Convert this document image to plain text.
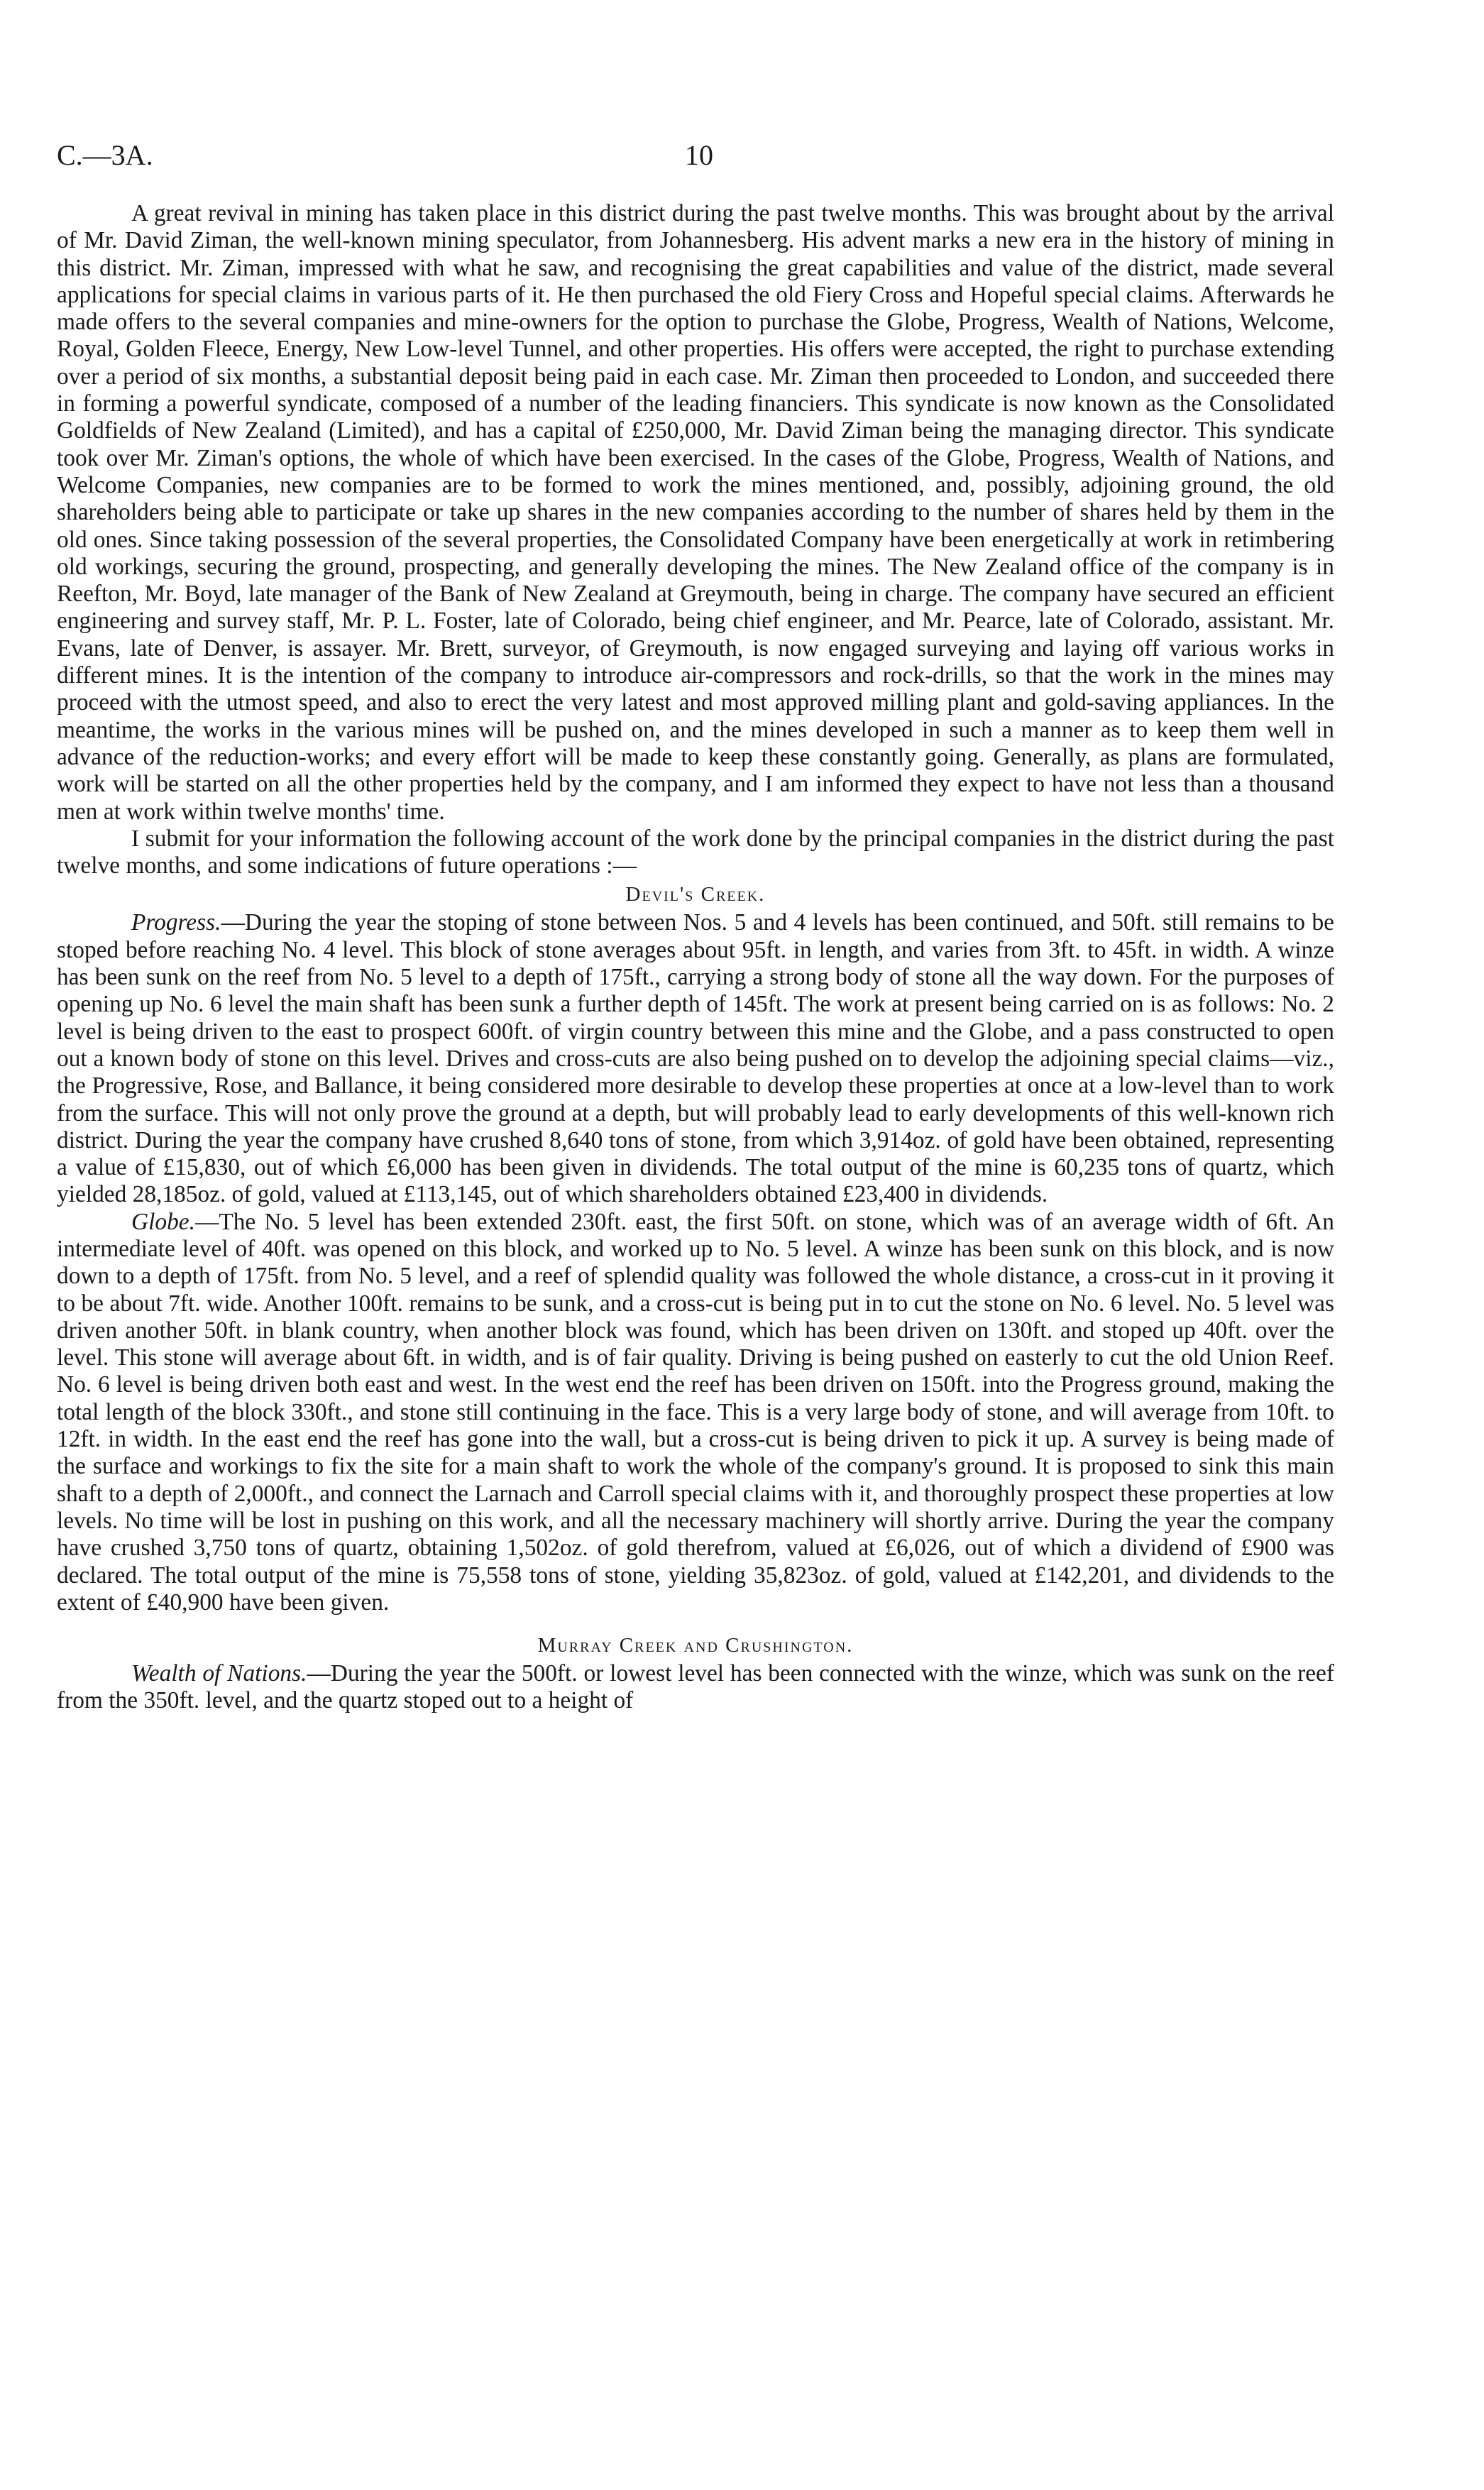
C.—3A.	10

A great revival in mining has taken place in this district during the past twelve months. This was brought about by the arrival of Mr. David Ziman, the well-known mining speculator, from Johannesberg. His advent marks a new era in the history of mining in this district. Mr. Ziman, impressed with what he saw, and recognising the great capabilities and value of the district, made several applications for special claims in various parts of it. He then purchased the old Fiery Cross and Hopeful special claims. Afterwards he made offers to the several companies and mine-owners for the option to purchase the Globe, Progress, Wealth of Nations, Welcome, Royal, Golden Fleece, Energy, New Low-level Tunnel, and other properties. His offers were accepted, the right to purchase extending over a period of six months, a substantial deposit being paid in each case. Mr. Ziman then proceeded to London, and succeeded there in forming a powerful syndicate, composed of a number of the leading financiers. This syndicate is now known as the Consolidated Goldfields of New Zealand (Limited), and has a capital of £250,000, Mr. David Ziman being the managing director. This syndicate took over Mr. Ziman's options, the whole of which have been exercised. In the cases of the Globe, Progress, Wealth of Nations, and Welcome Companies, new companies are to be formed to work the mines mentioned, and, possibly, adjoining ground, the old shareholders being able to participate or take up shares in the new companies according to the number of shares held by them in the old ones. Since taking possession of the several properties, the Consolidated Company have been energetically at work in retimbering old workings, securing the ground, prospecting, and generally developing the mines. The New Zealand office of the company is in Reefton, Mr. Boyd, late manager of the Bank of New Zealand at Greymouth, being in charge. The company have secured an efficient engineering and survey staff, Mr. P. L. Foster, late of Colorado, being chief engineer, and Mr. Pearce, late of Colorado, assistant. Mr. Evans, late of Denver, is assayer. Mr. Brett, surveyor, of Greymouth, is now engaged surveying and laying off various works in different mines. It is the intention of the company to introduce air-compressors and rock-drills, so that the work in the mines may proceed with the utmost speed, and also to erect the very latest and most approved milling plant and gold-saving appliances. In the meantime, the works in the various mines will be pushed on, and the mines developed in such a manner as to keep them well in advance of the reduction-works; and every effort will be made to keep these constantly going. Generally, as plans are formulated, work will be started on all the other properties held by the company, and I am informed they expect to have not less than a thousand men at work within twelve months' time.

I submit for your information the following account of the work done by the principal companies in the district during the past twelve months, and some indications of future operations :—

Devil's Creek.

Progress.—During the year the stoping of stone between Nos. 5 and 4 levels has been continued, and 50ft. still remains to be stoped before reaching No. 4 level. This block of stone averages about 95ft. in length, and varies from 3ft. to 45ft. in width. A winze has been sunk on the reef from No. 5 level to a depth of 175ft., carrying a strong body of stone all the way down. For the purposes of opening up No. 6 level the main shaft has been sunk a further depth of 145ft. The work at present being carried on is as follows: No. 2 level is being driven to the east to prospect 600ft. of virgin country between this mine and the Globe, and a pass constructed to open out a known body of stone on this level. Drives and cross-cuts are also being pushed on to develop the adjoining special claims—viz., the Progressive, Rose, and Ballance, it being considered more desirable to develop these properties at once at a low-level than to work from the surface. This will not only prove the ground at a depth, but will probably lead to early developments of this well-known rich district. During the year the company have crushed 8,640 tons of stone, from which 3,914oz. of gold have been obtained, representing a value of £15,830, out of which £6,000 has been given in dividends. The total output of the mine is 60,235 tons of quartz, which yielded 28,185oz. of gold, valued at £113,145, out of which shareholders obtained £23,400 in dividends.

Globe.—The No. 5 level has been extended 230ft. east, the first 50ft. on stone, which was of an average width of 6ft. An intermediate level of 40ft. was opened on this block, and worked up to No. 5 level. A winze has been sunk on this block, and is now down to a depth of 175ft. from No. 5 level, and a reef of splendid quality was followed the whole distance, a cross-cut in it proving it to be about 7ft. wide. Another 100ft. remains to be sunk, and a cross-cut is being put in to cut the stone on No. 6 level. No. 5 level was driven another 50ft. in blank country, when another block was found, which has been driven on 130ft. and stoped up 40ft. over the level. This stone will average about 6ft. in width, and is of fair quality. Driving is being pushed on easterly to cut the old Union Reef. No. 6 level is being driven both east and west. In the west end the reef has been driven on 150ft. into the Progress ground, making the total length of the block 330ft., and stone still continuing in the face. This is a very large body of stone, and will average from 10ft. to 12ft. in width. In the east end the reef has gone into the wall, but a cross-cut is being driven to pick it up. A survey is being made of the surface and workings to fix the site for a main shaft to work the whole of the company's ground. It is proposed to sink this main shaft to a depth of 2,000ft., and connect the Larnach and Carroll special claims with it, and thoroughly prospect these properties at low levels. No time will be lost in pushing on this work, and all the necessary machinery will shortly arrive. During the year the company have crushed 3,750 tons of quartz, obtaining 1,502oz. of gold therefrom, valued at £6,026, out of which a dividend of £900 was declared. The total output of the mine is 75,558 tons of stone, yielding 35,823oz. of gold, valued at £142,201, and dividends to the extent of £40,900 have been given.

Murray Creek and Crushington.

Wealth of Nations.—During the year the 500ft. or lowest level has been connected with the winze, which was sunk on the reef from the 350ft. level, and the quartz stoped out to a height of
